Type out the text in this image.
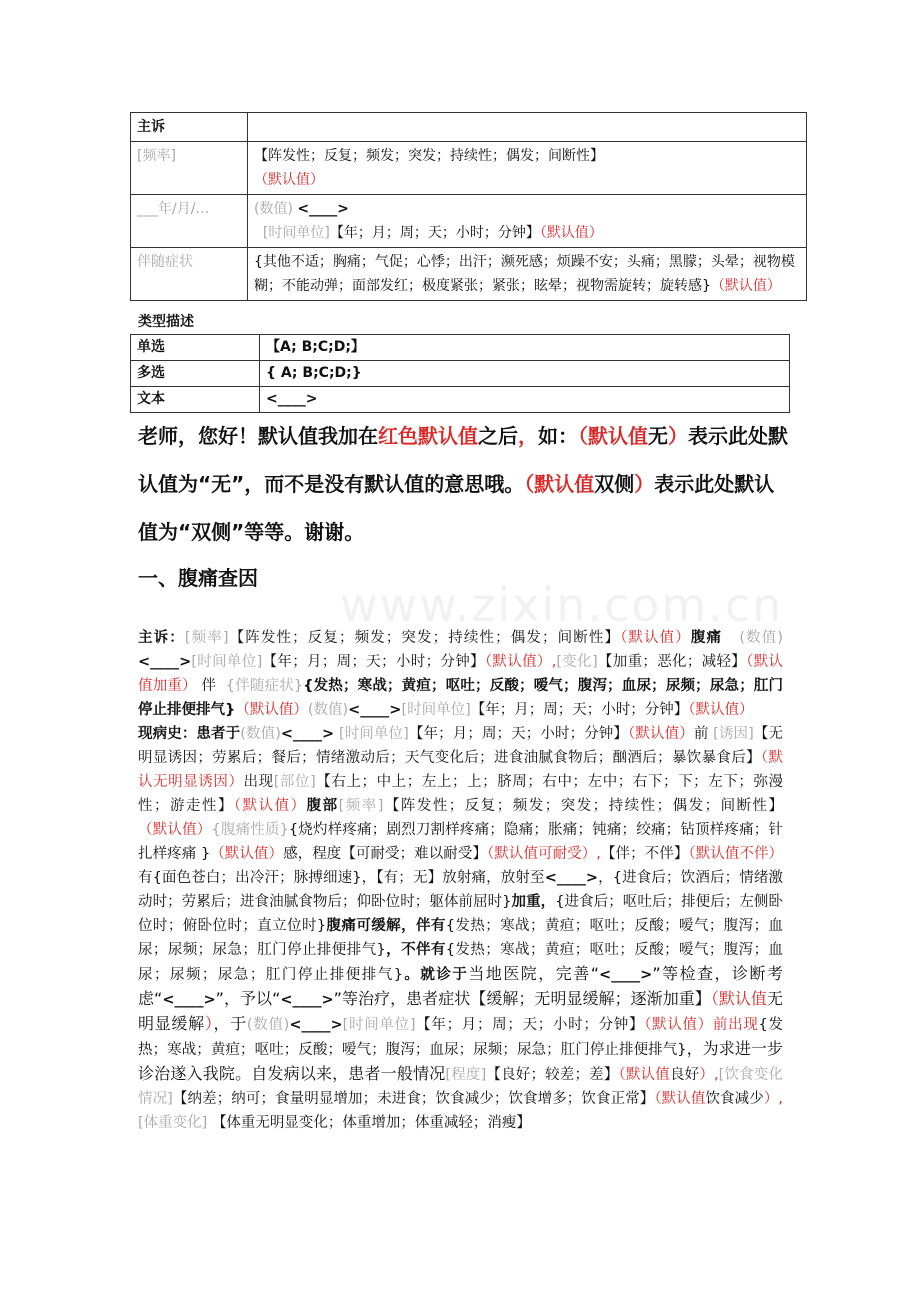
主诉	
[频率]	【阵发性；反复；频发；突发；持续性；偶发；间断性】
（默认值）
___年/月/…	(数值) <____>
[时间单位]【年；月；周；天；小时；分钟】（默认值）
伴随症状	{其他不适；胸痛；气促；心悸；出汗；濒死感；烦躁不安；头痛；黑朦；头晕；视物模糊；不能动弹；面部发红；极度紧张；紧张；眩晕；视物需旋转；旋转感}（默认值）
类型描述
单选	【A; B;C;D;】
多选	{ A; B;C;D;}
文本	<____>
老师，您好！默认值我加在红色默认值之后，如：（默认值无）表示此处默认值为“无”，而不是没有默认值的意思哦。（默认值双侧）表示此处默认值为“双侧”等等。谢谢。
一、腹痛查因 www.zixin.com.cn
主诉：[频率]【阵发性；反复；频发；突发；持续性；偶发；间断性】（默认值）腹痛 (数值)<____>[时间单位]【年；月；周；天；小时；分钟】（默认值）,[变化]【加重；恶化；减轻】（默认值加重） 伴 {伴随症状}{发热；寒战；黄疸；呕吐；反酸；嗳气；腹泻；血尿；尿频；尿急；肛门停止排便排气}（默认值）(数值)<____>[时间单位]【年；月；周；天；小时；分钟】（默认值）
现病史：患者于(数值)<____> [时间单位]【年；月；周；天；小时；分钟】（默认值）前 [诱因]【无明显诱因；劳累后；餐后；情绪激动后；天气变化后；进食油腻食物后；酗酒后；暴饮暴食后】（默认无明显诱因）出现[部位]【右上；中上；左上；上；脐周；右中；左中；右下；下；左下；弥漫性；游走性】（默认值）腹部[频率]【阵发性；反复；频发；突发；持续性；偶发；间断性】（默认值）{腹痛性质}{烧灼样疼痛；剧烈刀割样疼痛；隐痛；胀痛；钝痛；绞痛；钻顶样疼痛；针扎样疼痛 }（默认值）感，程度【可耐受；难以耐受】（默认值可耐受）,【伴；不伴】（默认值不伴）有{面色苍白；出冷汗；脉搏细速}，【有；无】放射痛，放射至<____>，{进食后；饮酒后；情绪激动时；劳累后；进食油腻食物后；仰卧位时；躯体前屈时}加重，{进食后；呕吐后；排便后；左侧卧位时；俯卧位时；直立位时}腹痛可缓解，伴有{发热；寒战；黄疸；呕吐；反酸；嗳气；腹泻；血尿；尿频；尿急；肛门停止排便排气}，不伴有{发热；寒战；黄疸；呕吐；反酸；嗳气；腹泻；血尿；尿频；尿急；肛门停止排便排气}。就诊于当地医院，完善“<____>”等检查，诊断考虑“<____>”，予以“<____>”等治疗，患者症状【缓解；无明显缓解；逐渐加重】（默认值无明显缓解），于(数值)<____>[时间单位]【年；月；周；天；小时；分钟】（默认值）前出现{发热；寒战；黄疸；呕吐；反酸；嗳气；腹泻；血尿；尿频；尿急；肛门停止排便排气}，为求进一步诊治遂入我院。自发病以来，患者一般情况[程度]【良好；较差；差】（默认值良好）,[饮食变化情况]【纳差；纳可；食量明显增加；未进食；饮食减少；饮食增多；饮食正常】（默认值饮食减少）,[体重变化] 【体重无明显变化；体重增加；体重减轻；消瘦】
